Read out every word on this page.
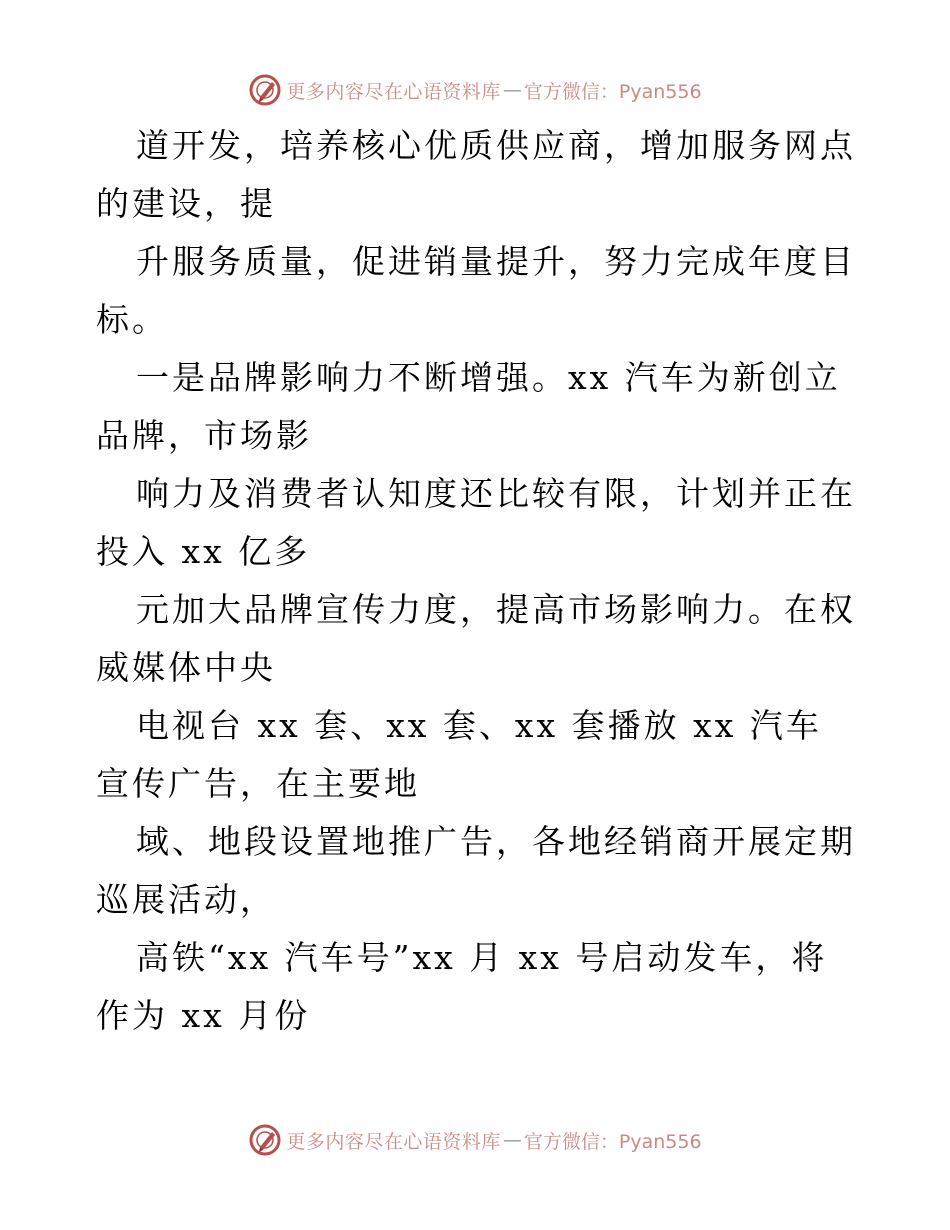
更多内容尽在心语资料库 — 官方微信：Pyan556

道开发，培养核心优质供应商，增加服务网点的建设，提

升服务质量，促进销量提升，努力完成年度目标。

一是品牌影响力不断增强。xx 汽车为新创立品牌，市场影

响力及消费者认知度还比较有限，计划并正在投入 xx 亿多

元加大品牌宣传力度，提高市场影响力。在权威媒体中央

电视台 xx 套、xx 套、xx 套播放 xx 汽车宣传广告，在主要地

域、地段设置地推广告，各地经销商开展定期巡展活动，

高铁“xx 汽车号”xx 月 xx 号启动发车，将作为 xx 月份

更多内容尽在心语资料库 — 官方微信：Pyan556
